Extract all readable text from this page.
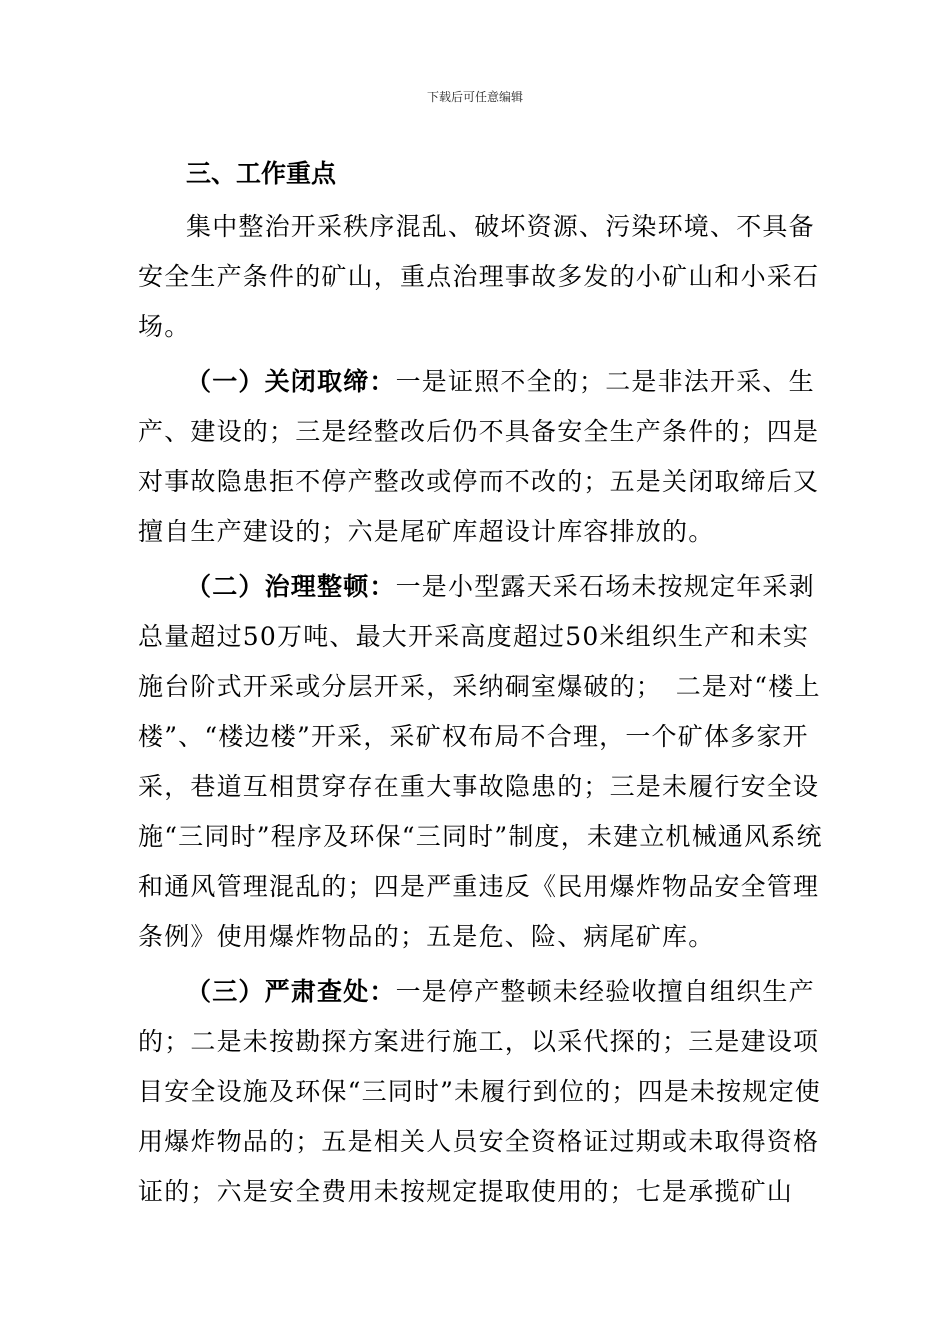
下载后可任意编辑
三、工作重点

集中整治开采秩序混乱、破坏资源、污染环境、不具备安全生产条件的矿山，重点治理事故多发的小矿山和小采石场。

（一）关闭取缔：一是证照不全的；二是非法开采、生产、建设的；三是经整改后仍不具备安全生产条件的；四是对事故隐患拒不停产整改或停而不改的；五是关闭取缔后又擅自生产建设的；六是尾矿库超设计库容排放的。

（二）治理整顿：一是小型露天采石场未按规定年采剥总量超过50万吨、最大开采高度超过50米组织生产和未实施台阶式开采或分层开采，采纳硐室爆破的；　二是对“楼上楼”、“楼边楼”开采，采矿权布局不合理，一个矿体多家开采，巷道互相贯穿存在重大事故隐患的；三是未履行安全设施“三同时”程序及环保“三同时”制度，未建立机械通风系统和通风管理混乱的；四是严重违反《民用爆炸物品安全管理条例》使用爆炸物品的；五是危、险、病尾矿库。

（三）严肃查处：一是停产整顿未经验收擅自组织生产的；二是未按勘探方案进行施工，以采代探的；三是建设项目安全设施及环保“三同时”未履行到位的；四是未按规定使用爆炸物品的；五是相关人员安全资格证过期或未取得资格证的；六是安全费用未按规定提取使用的；七是承揽矿山
